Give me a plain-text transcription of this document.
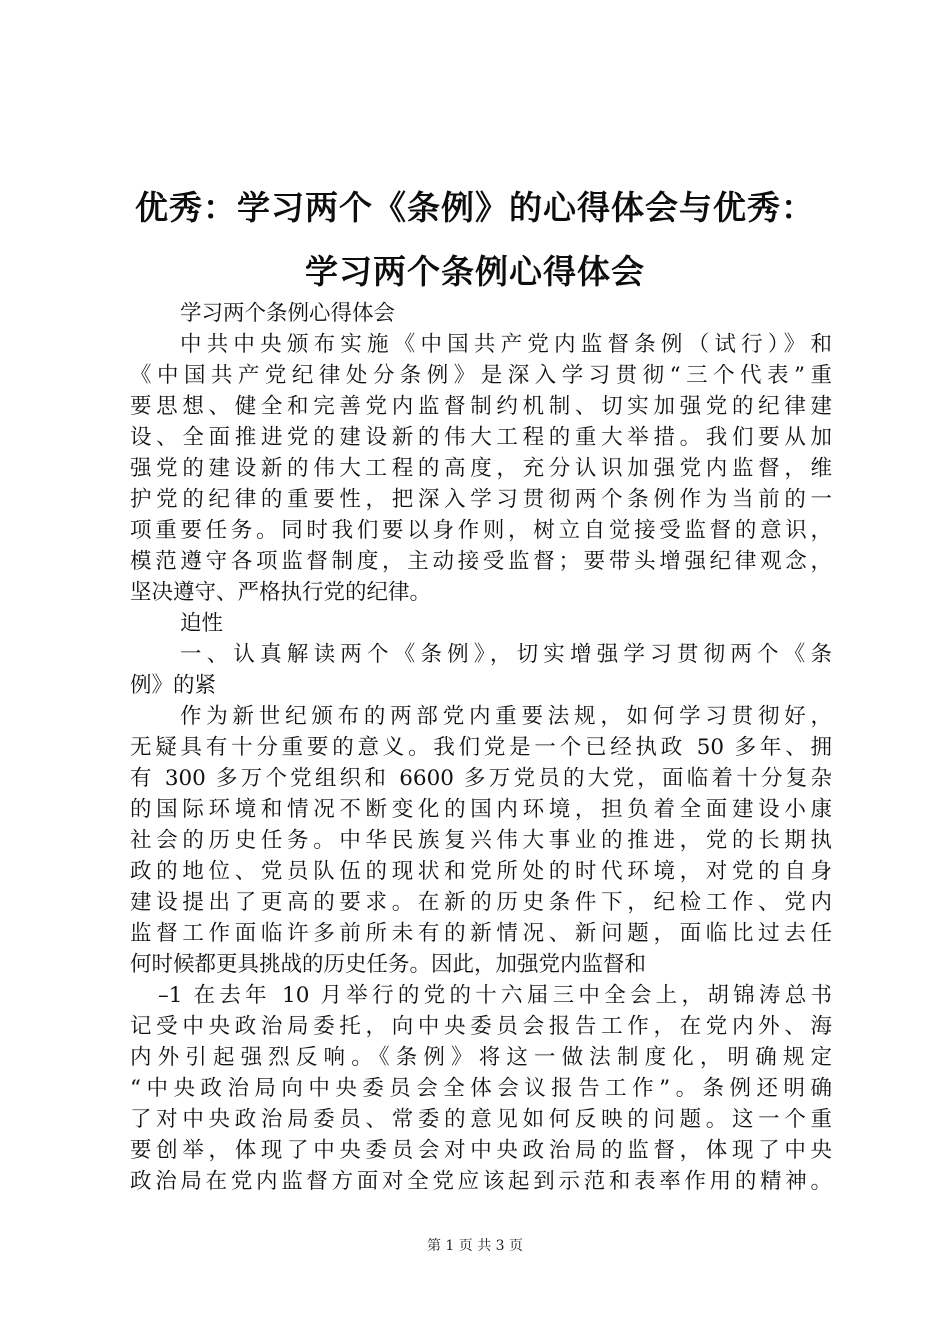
优秀：学习两个《条例》的心得体会与优秀：
学习两个条例心得体会
学习两个条例心得体会
中共中央颁布实施《中国共产党内监督条例（试行）》和
《中国共产党纪律处分条例》是深入学习贯彻“三个代表”重
要思想、健全和完善党内监督制约机制、切实加强党的纪律建
设、全面推进党的建设新的伟大工程的重大举措。我们要从加
强党的建设新的伟大工程的高度，充分认识加强党内监督，维
护党的纪律的重要性，把深入学习贯彻两个条例作为当前的一
项重要任务。同时我们要以身作则，树立自觉接受监督的意识，
模范遵守各项监督制度，主动接受监督；要带头增强纪律观念，
坚决遵守、严格执行党的纪律。
迫性
一、认真解读两个《条例》，切实增强学习贯彻两个《条
例》的紧
作为新世纪颁布的两部党内重要法规，如何学习贯彻好，
无疑具有十分重要的意义。我们党是一个已经执政 50 多年、拥
有 300 多万个党组织和 6600 多万党员的大党，面临着十分复杂
的国际环境和情况不断变化的国内环境，担负着全面建设小康
社会的历史任务。中华民族复兴伟大事业的推进，党的长期执
政的地位、党员队伍的现状和党所处的时代环境，对党的自身
建设提出了更高的要求。在新的历史条件下，纪检工作、党内
监督工作面临许多前所未有的新情况、新问题，面临比过去任
何时候都更具挑战的历史任务。因此，加强党内监督和
–1 在去年 10 月举行的党的十六届三中全会上，胡锦涛总书
记受中央政治局委托，向中央委员会报告工作，在党内外、海
内外引起强烈反响。《条例》将这一做法制度化，明确规定
“中央政治局向中央委员会全体会议报告工作”。条例还明确
了对中央政治局委员、常委的意见如何反映的问题。这一个重
要创举，体现了中央委员会对中央政治局的监督，体现了中央
政治局在党内监督方面对全党应该起到示范和表率作用的精神。
第 1 页 共 3 页
